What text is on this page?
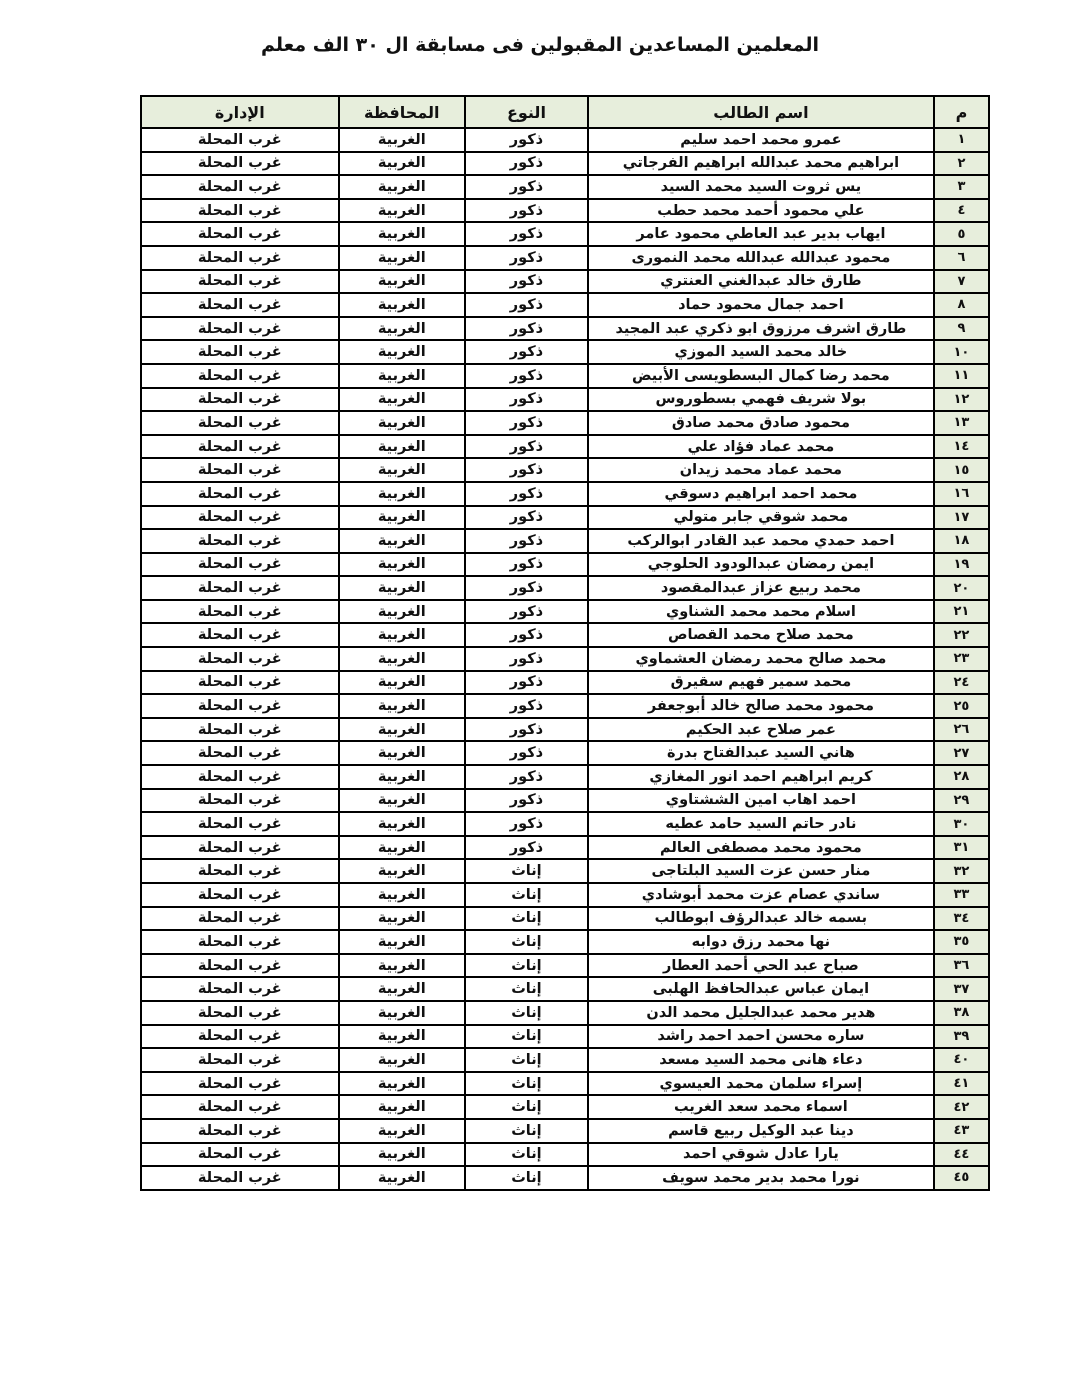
المعلمين المساعدين المقبولين فى مسابقة ال ٣٠ الف معلم
م	اسم الطالب	النوع	المحافظة	الإدارة
١	عمرو محمد احمد سليم	ذكور	الغربية	غرب المحلة
٢	ابراهيم محمد عبدالله ابراهيم الفرجاتي	ذكور	الغربية	غرب المحلة
٣	يس ثروت السيد محمد السيد	ذكور	الغربية	غرب المحلة
٤	علي محمود أحمد محمد حطب	ذكور	الغربية	غرب المحلة
٥	ايهاب بدير عبد العاطي محمود عامر	ذكور	الغربية	غرب المحلة
٦	محمود عبدالله عبدالله محمد النمورى	ذكور	الغربية	غرب المحلة
٧	طارق خالد عبدالغني العنتري	ذكور	الغربية	غرب المحلة
٨	احمد جمال محمود حماد	ذكور	الغربية	غرب المحلة
٩	طارق اشرف مرزوق ابو ذكري عبد المجيد	ذكور	الغربية	غرب المحلة
١٠	خالد محمد السيد الموزي	ذكور	الغربية	غرب المحلة
١١	محمد رضا كمال البسطويسى الأبيض	ذكور	الغربية	غرب المحلة
١٢	بولا شريف فهمي بسطوروس	ذكور	الغربية	غرب المحلة
١٣	محمود صادق محمد صادق	ذكور	الغربية	غرب المحلة
١٤	محمد عماد فؤاد علي	ذكور	الغربية	غرب المحلة
١٥	محمد عماد محمد زيدان	ذكور	الغربية	غرب المحلة
١٦	محمد احمد ابراهيم دسوقي	ذكور	الغربية	غرب المحلة
١٧	محمد شوقي جابر متولي	ذكور	الغربية	غرب المحلة
١٨	احمد حمدي محمد عبد القادر ابوالركب	ذكور	الغربية	غرب المحلة
١٩	ايمن رمضان عبدالودود الحلوجي	ذكور	الغربية	غرب المحلة
٢٠	محمد ربيع عزاز عبدالمقصود	ذكور	الغربية	غرب المحلة
٢١	اسلام محمد محمد الشناوي	ذكور	الغربية	غرب المحلة
٢٢	محمد صلاح محمد القصاص	ذكور	الغربية	غرب المحلة
٢٣	محمد صالح محمد رمضان العشماوي	ذكور	الغربية	غرب المحلة
٢٤	محمد سمير فهيم سقيرق	ذكور	الغربية	غرب المحلة
٢٥	محمود محمد صالح خالد أبوجعفر	ذكور	الغربية	غرب المحلة
٢٦	عمر صلاح عبد الحكيم	ذكور	الغربية	غرب المحلة
٢٧	هاني السيد عبدالفتاح بدرة	ذكور	الغربية	غرب المحلة
٢٨	كريم ابراهيم احمد انور المغازي	ذكور	الغربية	غرب المحلة
٢٩	احمد اهاب امين الششتاوي	ذكور	الغربية	غرب المحلة
٣٠	نادر حاتم السيد حامد عطيه	ذكور	الغربية	غرب المحلة
٣١	محمود محمد مصطفى العالم	ذكور	الغربية	غرب المحلة
٣٢	منار حسن عزت السيد البلتاجى	إناث	الغربية	غرب المحلة
٣٣	ساندي عصام عزت محمد أبوشادي	إناث	الغربية	غرب المحلة
٣٤	بسمه خالد عبدالرؤف ابوطالب	إناث	الغربية	غرب المحلة
٣٥	نها محمد رزق دوابه	إناث	الغربية	غرب المحلة
٣٦	صباح عبد الحي أحمد العطار	إناث	الغربية	غرب المحلة
٣٧	ايمان عباس عبدالحافظ الهلبى	إناث	الغربية	غرب المحلة
٣٨	هدير محمد عبدالجليل محمد الدن	إناث	الغربية	غرب المحلة
٣٩	ساره محسن احمد احمد راشد	إناث	الغربية	غرب المحلة
٤٠	دعاء هانى محمد السيد مسعد	إناث	الغربية	غرب المحلة
٤١	إسراء سلمان محمد العيسوي	إناث	الغربية	غرب المحلة
٤٢	اسماء محمد سعد الغريب	إناث	الغربية	غرب المحلة
٤٣	دينا عبد الوكيل ربيع قاسم	إناث	الغربية	غرب المحلة
٤٤	يارا عادل شوقي احمد	إناث	الغربية	غرب المحلة
٤٥	نورا محمد بدير محمد سويف	إناث	الغربية	غرب المحلة
